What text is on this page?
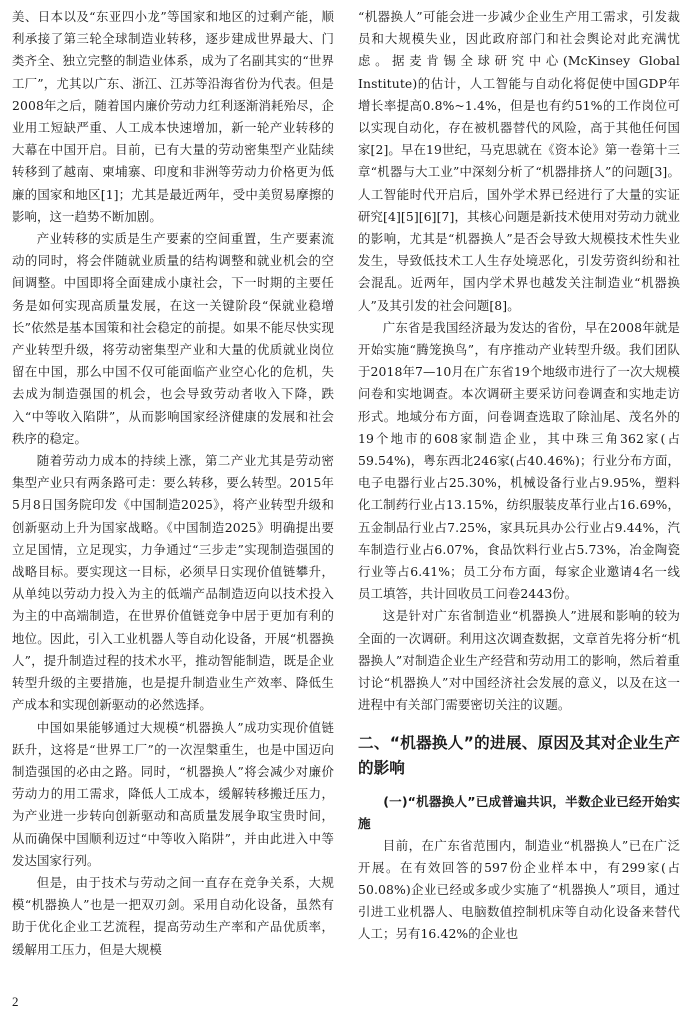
美、日本以及“东亚四小龙”等国家和地区的过剩产能，顺利承接了第三轮全球制造业转移，逐步建成世界最大、门类齐全、独立完整的制造业体系，成为了名副其实的“世界工厂”，尤其以广东、浙江、江苏等沿海省份为代表。但是2008年之后，随着国内廉价劳动力红利逐渐消耗殆尽，企业用工短缺严重、人工成本快速增加，新一轮产业转移的大幕在中国开启。目前，已有大量的劳动密集型产业陆续转移到了越南、柬埔寨、印度和非洲等劳动力价格更为低廉的国家和地区[1]；尤其是最近两年，受中美贸易摩擦的影响，这一趋势不断加剧。

产业转移的实质是生产要素的空间重置，生产要素流动的同时，将会伴随就业质量的结构调整和就业机会的空间调整。中国即将全面建成小康社会，下一时期的主要任务是如何实现高质量发展，在这一关键阶段“保就业稳增长”依然是基本国策和社会稳定的前提。如果不能尽快实现产业转型升级，将劳动密集型产业和大量的优质就业岗位留在中国，那么中国不仅可能面临产业空心化的危机，失去成为制造强国的机会，也会导致劳动者收入下降，跌入“中等收入陷阱”，从而影响国家经济健康的发展和社会秩序的稳定。

随着劳动力成本的持续上涨，第二产业尤其是劳动密集型产业只有两条路可走：要么转移，要么转型。2015年5月8日国务院印发《中国制造2025》，将产业转型升级和创新驱动上升为国家战略。《中国制造2025》明确提出要立足国情，立足现实，力争通过“三步走”实现制造强国的战略目标。要实现这一目标，必须早日实现价值链攀升，从单纯以劳动力投入为主的低端产品制造迈向以技术投入为主的中高端制造，在世界价值链竞争中居于更加有利的地位。因此，引入工业机器人等自动化设备，开展“机器换人”，提升制造过程的技术水平，推动智能制造，既是企业转型升级的主要措施，也是提升制造业生产效率、降低生产成本和实现创新驱动的必然选择。

中国如果能够通过大规模“机器换人”成功实现价值链跃升，这将是“世界工厂”的一次涅槃重生，也是中国迈向制造强国的必由之路。同时，“机器换人”将会减少对廉价劳动力的用工需求，降低人工成本，缓解转移搬迁压力，为产业进一步转向创新驱动和高质量发展争取宝贵时间，从而确保中国顺利迈过“中等收入陷阱”，并由此进入中等发达国家行列。

但是，由于技术与劳动之间一直存在竞争关系，大规模“机器换人”也是一把双刃剑。采用自动化设备，虽然有助于优化企业工艺流程，提高劳动生产率和产品优质率，缓解用工压力，但是大规模

“机器换人”可能会进一步减少企业生产用工需求，引发裁员和大规模失业，因此政府部门和社会舆论对此充满忧虑。据麦肯锡全球研究中心(McKinsey Global Institute)的估计，人工智能与自动化将促使中国GDP年增长率提高0.8%~1.4%，但是也有约51%的工作岗位可以实现自动化，存在被机器替代的风险，高于其他任何国家[2]。早在19世纪，马克思就在《资本论》第一卷第十三章“机器与大工业”中深刻分析了“机器排挤人”的问题[3]。人工智能时代开启后，国外学术界已经进行了大量的实证研究[4][5][6][7]，其核心问题是新技术使用对劳动力就业的影响，尤其是“机器换人”是否会导致大规模技术性失业发生，导致低技术工人生存处境恶化，引发劳资纠纷和社会混乱。近两年，国内学术界也越发关注制造业“机器换人”及其引发的社会问题[8]。

广东省是我国经济最为发达的省份，早在2008年就是开始实施“腾笼换鸟”，有序推动产业转型升级。我们团队于2018年7—10月在广东省19个地级市进行了一次大规模问卷和实地调查。本次调研主要采访问卷调查和实地走访形式。地域分布方面，问卷调查选取了除汕尾、茂名外的19个地市的608家制造企业，其中珠三角362家(占59.54%)，粤东西北246家(占40.46%)；行业分布方面，电子电器行业占25.30%，机械设备行业占9.95%，塑料化工制药行业占13.15%，纺织服装皮革行业占16.69%，五金制品行业占7.25%，家具玩具办公行业占9.44%，汽车制造行业占6.07%，食品饮料行业占5.73%，冶金陶瓷行业等占6.41%；员工分布方面，每家企业邀请4名一线员工填答，共计回收员工问卷2443份。

这是针对广东省制造业“机器换人”进展和影响的较为全面的一次调研。利用这次调查数据，文章首先将分析“机器换人”对制造企业生产经营和劳动用工的影响，然后着重讨论“机器换人”对中国经济社会发展的意义，以及在这一进程中有关部门需要密切关注的议题。

二、“机器换人”的进展、原因及其对企业生产的影响
(一)“机器换人”已成普遍共识，半数企业已经开始实施

目前，在广东省范围内，制造业“机器换人”已在广泛开展。在有效回答的597份企业样本中，有299家(占50.08%)企业已经或多或少实施了“机器换人”项目，通过引进工业机器人、电脑数值控制机床等自动化设备来替代人工；另有16.42%的企业也

2
